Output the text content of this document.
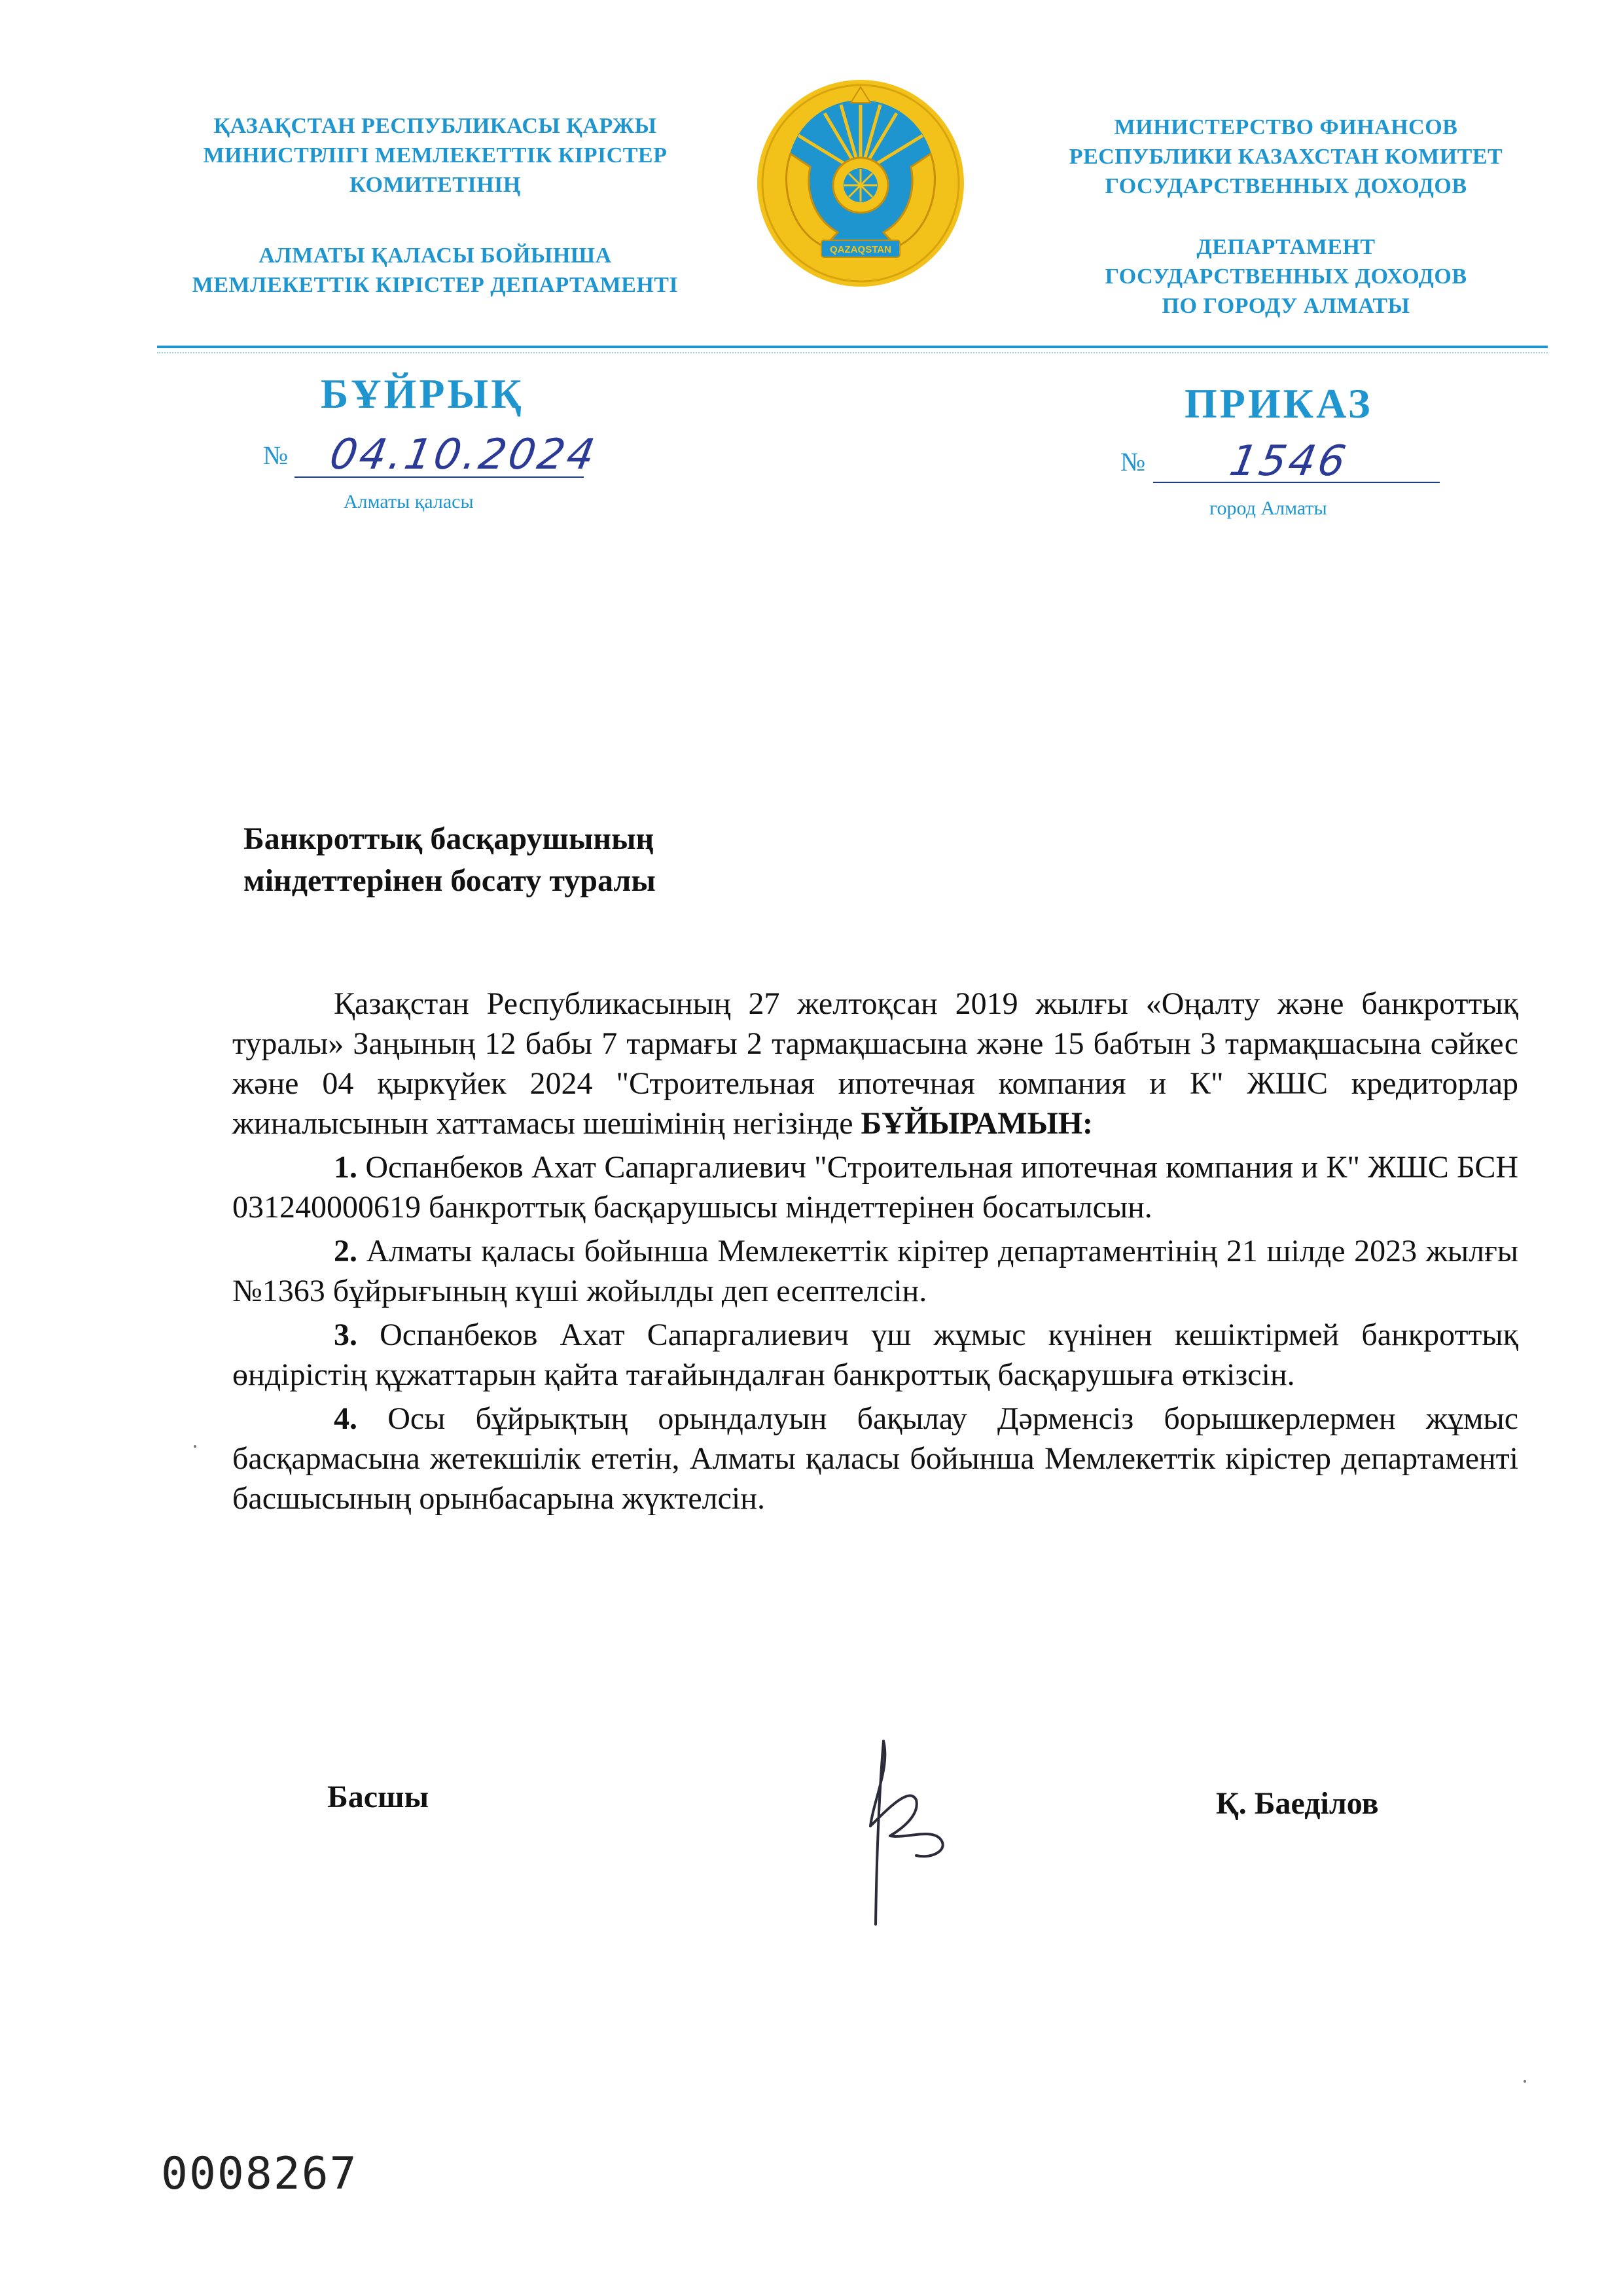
ҚАЗАҚСТАН РЕСПУБЛИКАСЫ ҚАРЖЫ
МИНИСТРЛІГІ МЕМЛЕКЕТТІК КІРІСТЕР
КОМИТЕТІНІҢ
АЛМАТЫ ҚАЛАСЫ БОЙЫНША
МЕМЛЕКЕТТІК КІРІСТЕР ДЕПАРТАМЕНТІ
QAZAQSTAN
МИНИСТЕРСТВО ФИНАНСОВ
РЕСПУБЛИКИ КАЗАХСТАН КОМИТЕТ
ГОСУДАРСТВЕННЫХ ДОХОДОВ
ДЕПАРТАМЕНТ
ГОСУДАРСТВЕННЫХ ДОХОДОВ
ПО ГОРОДУ АЛМАТЫ
БҰЙРЫҚ	ПРИКАЗ
№ 04.10.2024
Алматы қаласы
№ 1546
город Алматы
Банкроттық басқарушының
міндеттерінен босату туралы

Қазақстан Республикасының 27 желтоқсан 2019 жылғы «Оңалту және банкроттық туралы» Заңының 12 бабы 7 тармағы 2 тармақшасына және 15 бабтын 3 тармақшасына сәйкес және 04 қыркүйек 2024 "Строительная ипотечная компания и К" ЖШС кредиторлар жиналысынын хаттамасы шешімінің негізінде БҰЙЫРАМЫН:

1. Оспанбеков Ахат Сапаргалиевич "Строительная ипотечная компания и К" ЖШС БСН 031240000619 банкроттық басқарушысы міндеттерінен босатылсын.

2. Алматы қаласы бойынша Мемлекеттік кірітер департаментінің 21 шілде 2023 жылғы №1363 бұйрығының күші жойылды деп есептелсін.

3. Оспанбеков Ахат Сапаргалиевич үш жұмыс күнінен кешіктірмей банкроттық өндірістің құжаттарын қайта тағайындалған банкроттық басқарушыға өткізсін.

4. Осы бұйрықтың орындалуын бақылау Дәрменсіз борышкерлермен жұмыс басқармасына жетекшілік ететін, Алматы қаласы бойынша Мемлекеттік кірістер департаменті басшысының орынбасарына жүктелсін.

Басшы	Қ. Баеділов
0008267
